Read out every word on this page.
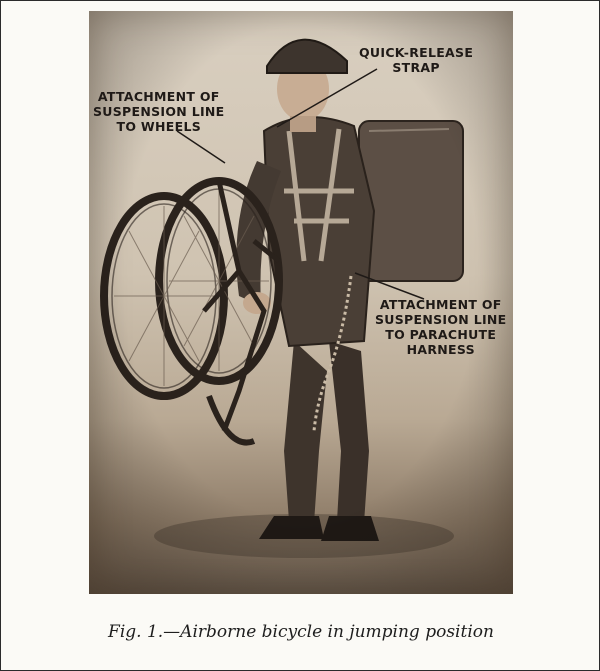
QUICK-RELEASE
STRAP
ATTACHMENT OF
SUSPENSION LINE
TO WHEELS
ATTACHMENT OF
SUSPENSION LINE
TO PARACHUTE
HARNESS
Fig. 1.—Airborne bicycle in jumping position
